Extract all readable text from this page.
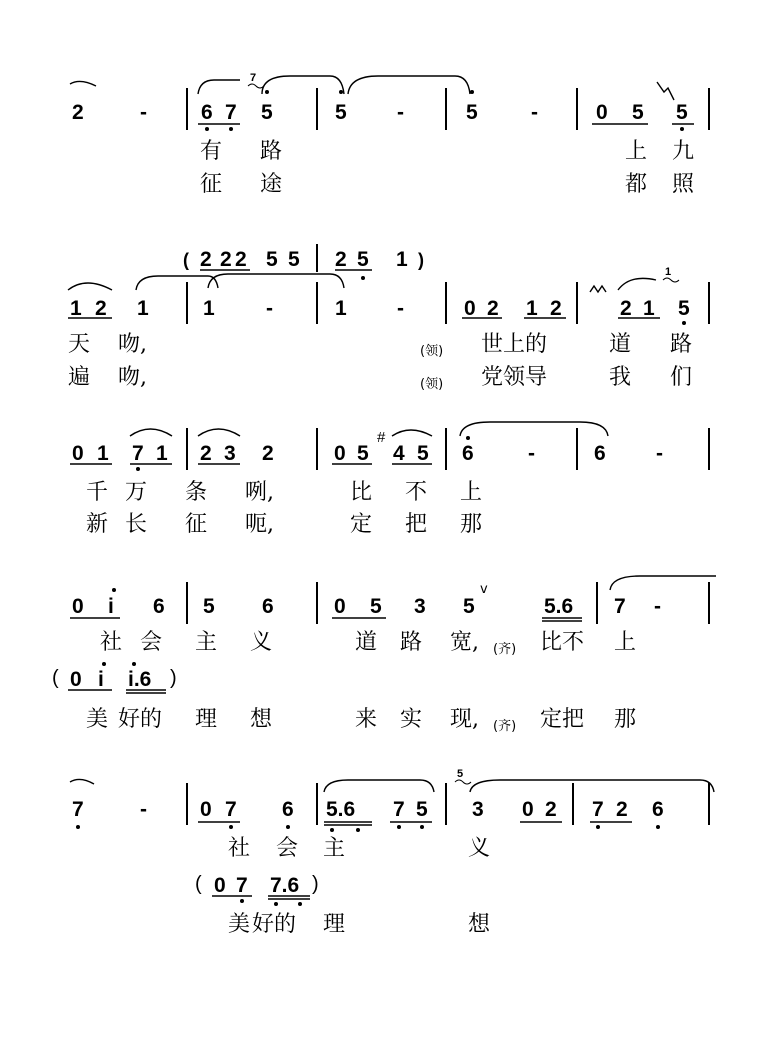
2	-	6 7 5	5 -	5	-	0 5 5
7
有 路	上 九
征 途	都 照
( 2 2 2 5 5 2 5 1 )
1 2 1	1 -	1 -	0 2 1 2	2 1 5
1
天 吻,	(领) 世上的	道 路
遍 吻,	(领) 党领导	我 们
0 1 7 1 2 3 2	0 5
#
4 5 6	-	6 -
千 万 条 咧,	比 不 上
新 长 征 呃,	定 把 那
0 i 6 5 6	0 5 3 5
v
5.6 7 -
社 会 主 义	道 路 宽, (齐) 比不 上
( 0 i i.6 )
美 好的 理 想	来 实 现, (齐) 定把 那
7	-	0 7 6 5.6 7 5 3 0 2 7 2 6
5
社 会 主	义
( 0 7 7.6 )
美 好的 理	想
